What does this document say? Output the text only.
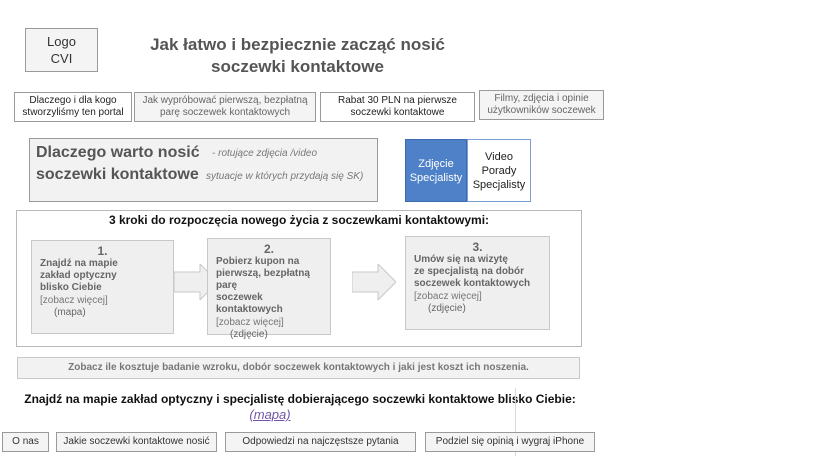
Logo
CVI
Jak łatwo i bezpiecznie zacząć nosić
soczewki kontaktowe
Dlaczego i dla kogo
stworzyliśmy ten portal
Jak wypróbować pierwszą, bezpłatną
parę soczewek kontaktowych
Rabat 30 PLN na pierwsze
soczewki kontaktowe
Filmy, zdjęcia i opinie
użytkowników soczewek
Dlaczego warto nosić
soczewki kontaktowe
- rotujące zdjęcia /video
sytuacje w których przydają się SK)
Zdjęcie
Specjalisty
Video
Porady
Specjalisty
3 kroki do rozpoczęcia nowego życia z soczewkami kontaktowymi:
1.
Znajdź na mapie
zakład optyczny
blisko Ciebie
[zobacz więcej]
(mapa)
2.
Pobierz kupon na
pierwszą, bezpłatną parę
soczewek kontaktowych
[zobacz więcej]
(zdjęcie)
3.
Umów się na wizytę
ze specjalistą na dobór
soczewek kontaktowych
[zobacz więcej]
(zdjęcie)
Zobacz ile kosztuje badanie wzroku, dobór soczewek kontaktowych i jaki jest koszt ich noszenia.
Znajdź na mapie zakład optyczny i specjalistę dobierającego soczewki kontaktowe blisko Ciebie:
(mapa)
O nas	Jakie soczewki kontaktowe nosić	Odpowiedzi na najczęstsze pytania	Podziel się opinią i wygraj iPhone
